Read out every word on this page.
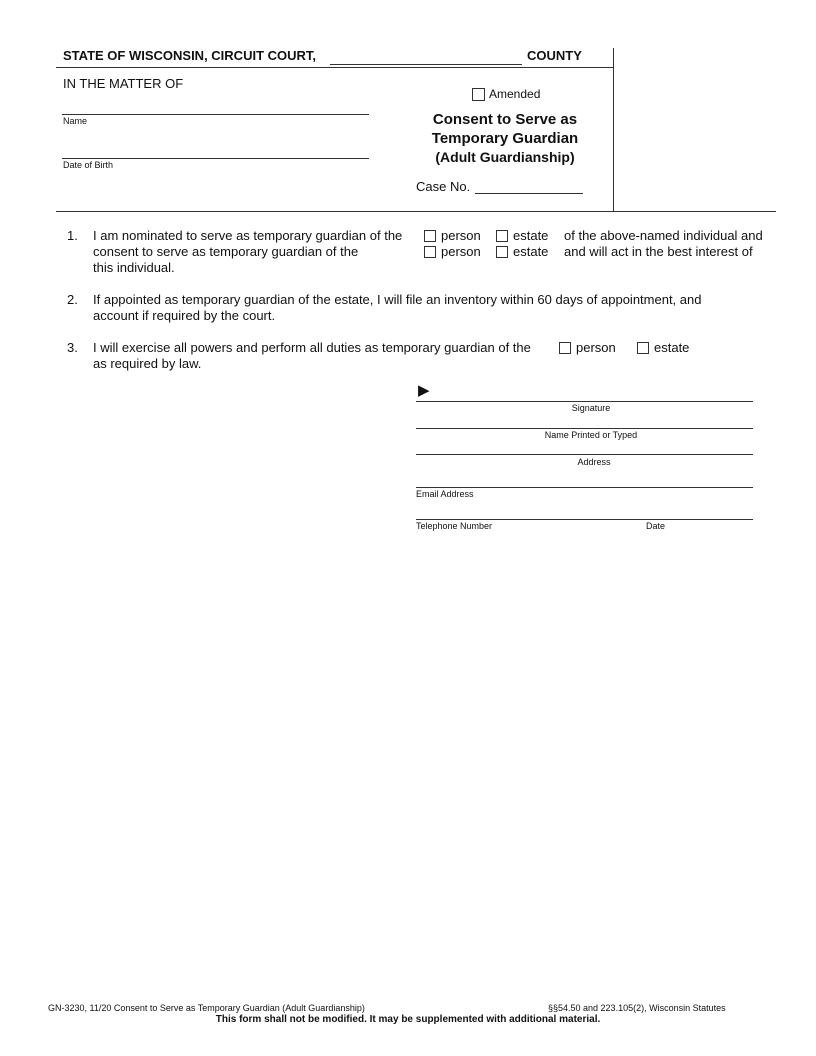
STATE OF WISCONSIN, CIRCUIT COURT,	COUNTY
IN THE MATTER OF
Name
Date of Birth
Amended
Consent to Serve as
Temporary Guardian
(Adult Guardianship)
Case No.
1. I am nominated to serve as temporary guardian of the
consent to serve as temporary guardian of the
this individual.
person estate of the above-named individual and
person estate and will act in the best interest of
2. If appointed as temporary guardian of the estate, I will file an inventory within 60 days of appointment, and
account if required by the court.
3. I will exercise all powers and perform all duties as temporary guardian of the
as required by law.
person	estate
▶
Signature
Name Printed or Typed
Address
Email Address
Telephone Number	Date
GN-3230, 11/20 Consent to Serve as Temporary Guardian (Adult Guardianship)	§§54.50 and 223.105(2), Wisconsin Statutes
This form shall not be modified. It may be supplemented with additional material.
